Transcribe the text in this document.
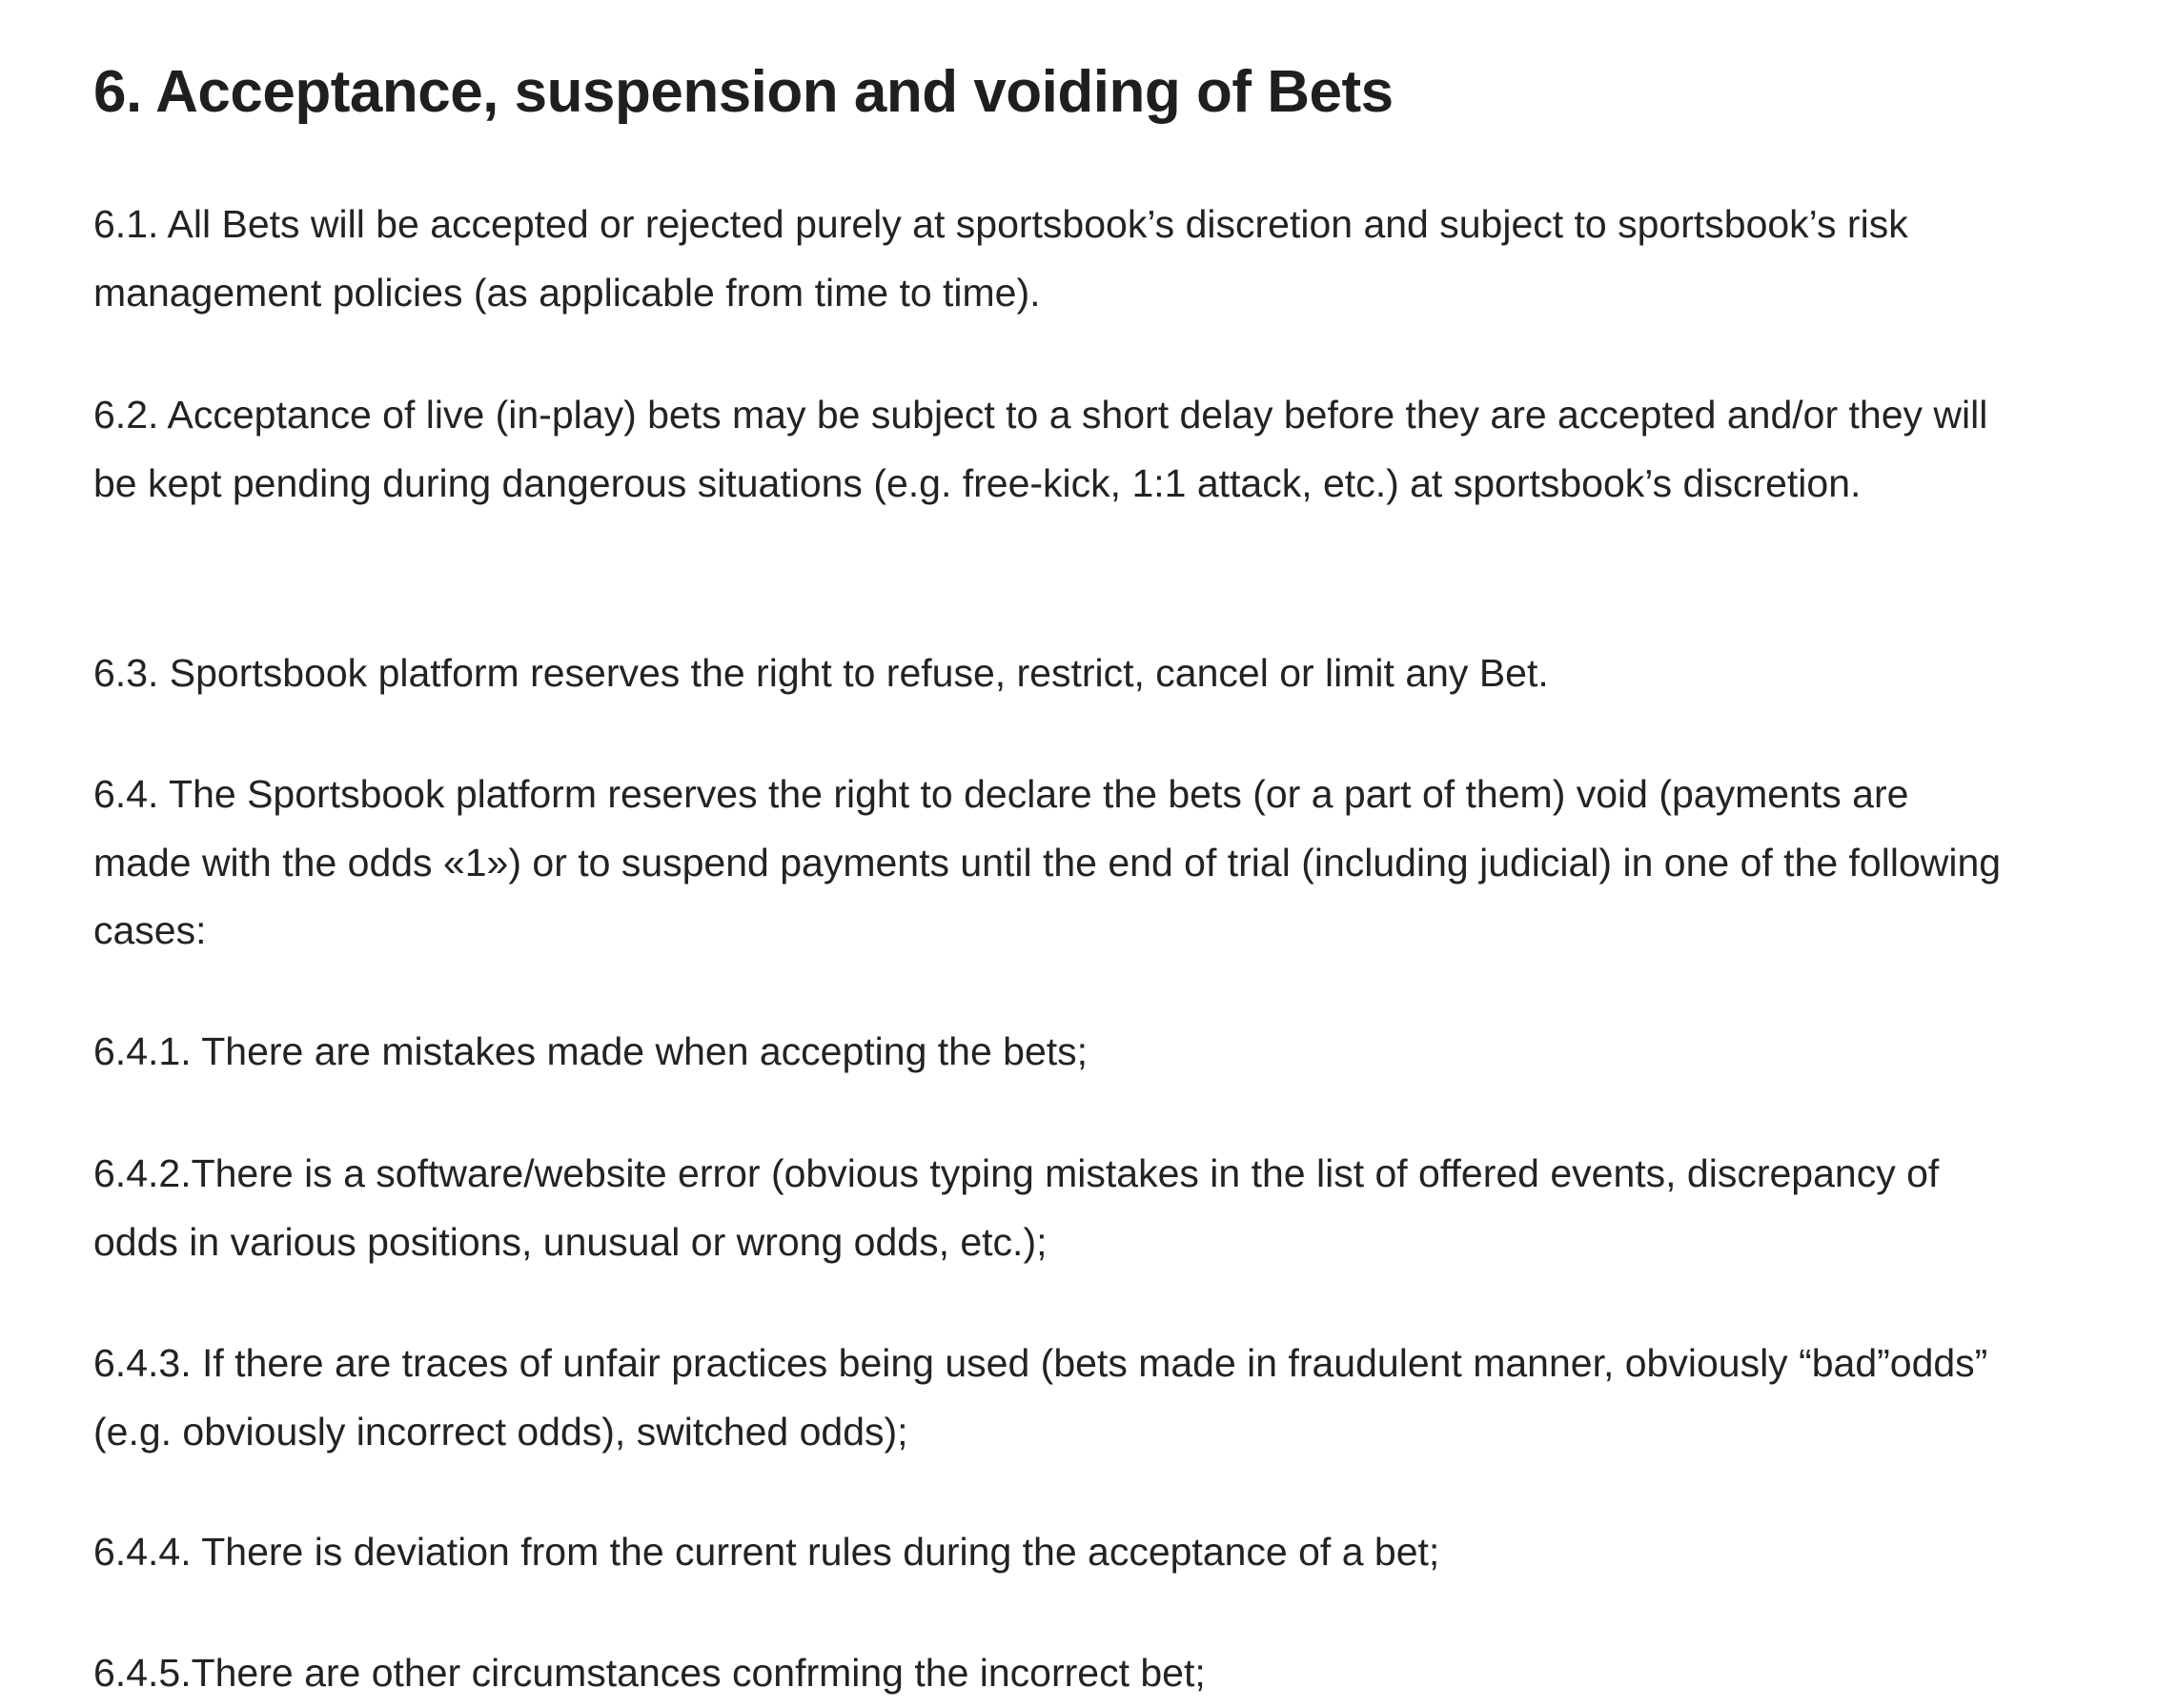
6. Acceptance, suspension and voiding of Bets

6.1. All Bets will be accepted or rejected purely at sportsbook’s discretion and subject to sportsbook’s risk management policies (as applicable from time to time).

6.2. Acceptance of live (in-play) bets may be subject to a short delay before they are accepted and/or they will be kept pending during dangerous situations (e.g. free-kick, 1:1 attack, etc.) at sportsbook’s discretion.

6.3. Sportsbook platform reserves the right to refuse, restrict, cancel or limit any Bet.

6.4. The Sportsbook platform reserves the right to declare the bets (or a part of them) void (payments are made with the odds «1») or to suspend payments until the end of trial (including judicial) in one of the following cases:

6.4.1. There are mistakes made when accepting the bets;

6.4.2.There is a software/website error (obvious typing mistakes in the list of offered events, discrepancy of odds in various positions, unusual or wrong odds, etc.);

6.4.3. If there are traces of unfair practices being used (bets made in fraudulent manner, obviously “bad”odds” (e.g. obviously incorrect odds), switched odds);

6.4.4. There is deviation from the current rules during the acceptance of a bet;

6.4.5.There are other circumstances confrming the incorrect bet;
